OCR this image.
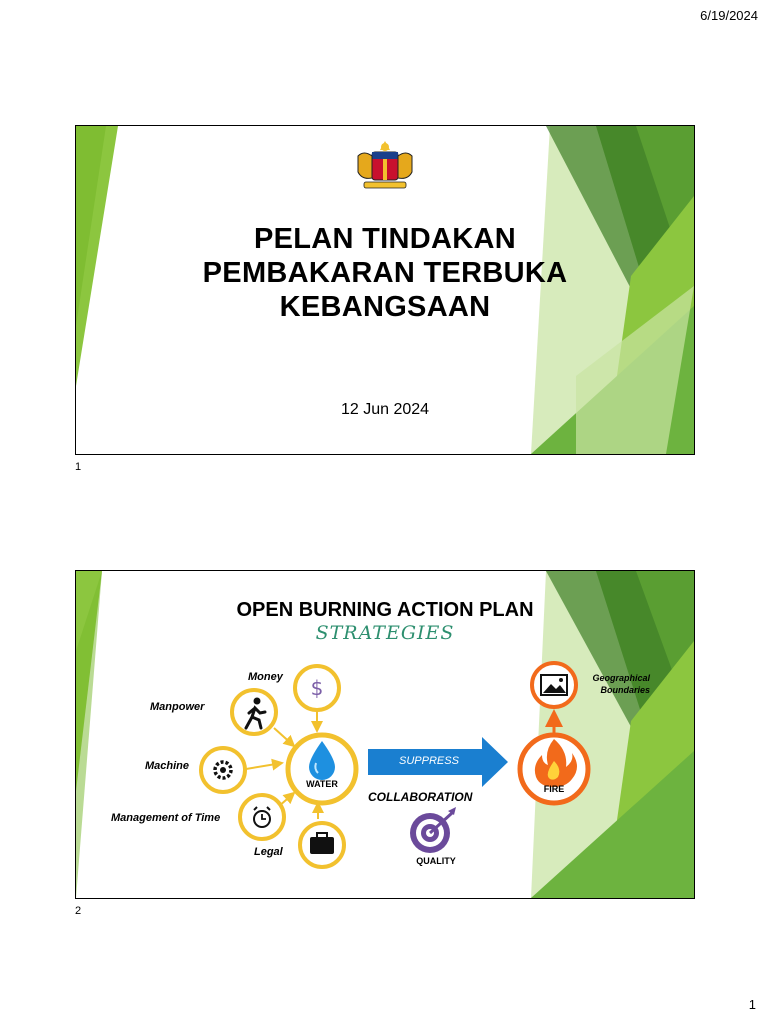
6/19/2024
PELAN TINDAKAN
PEMBAKARAN TERBUKA
KEBANGSAAN
12 Jun 2024
1
OPEN BURNING ACTION PLAN
STRATEGIES
$
Money
Manpower
Machine
Management of Time
Legal
WATER
SUPPRESS
COLLABORATION
QUALITY
FIRE
Geographical
Boundaries
2
1
